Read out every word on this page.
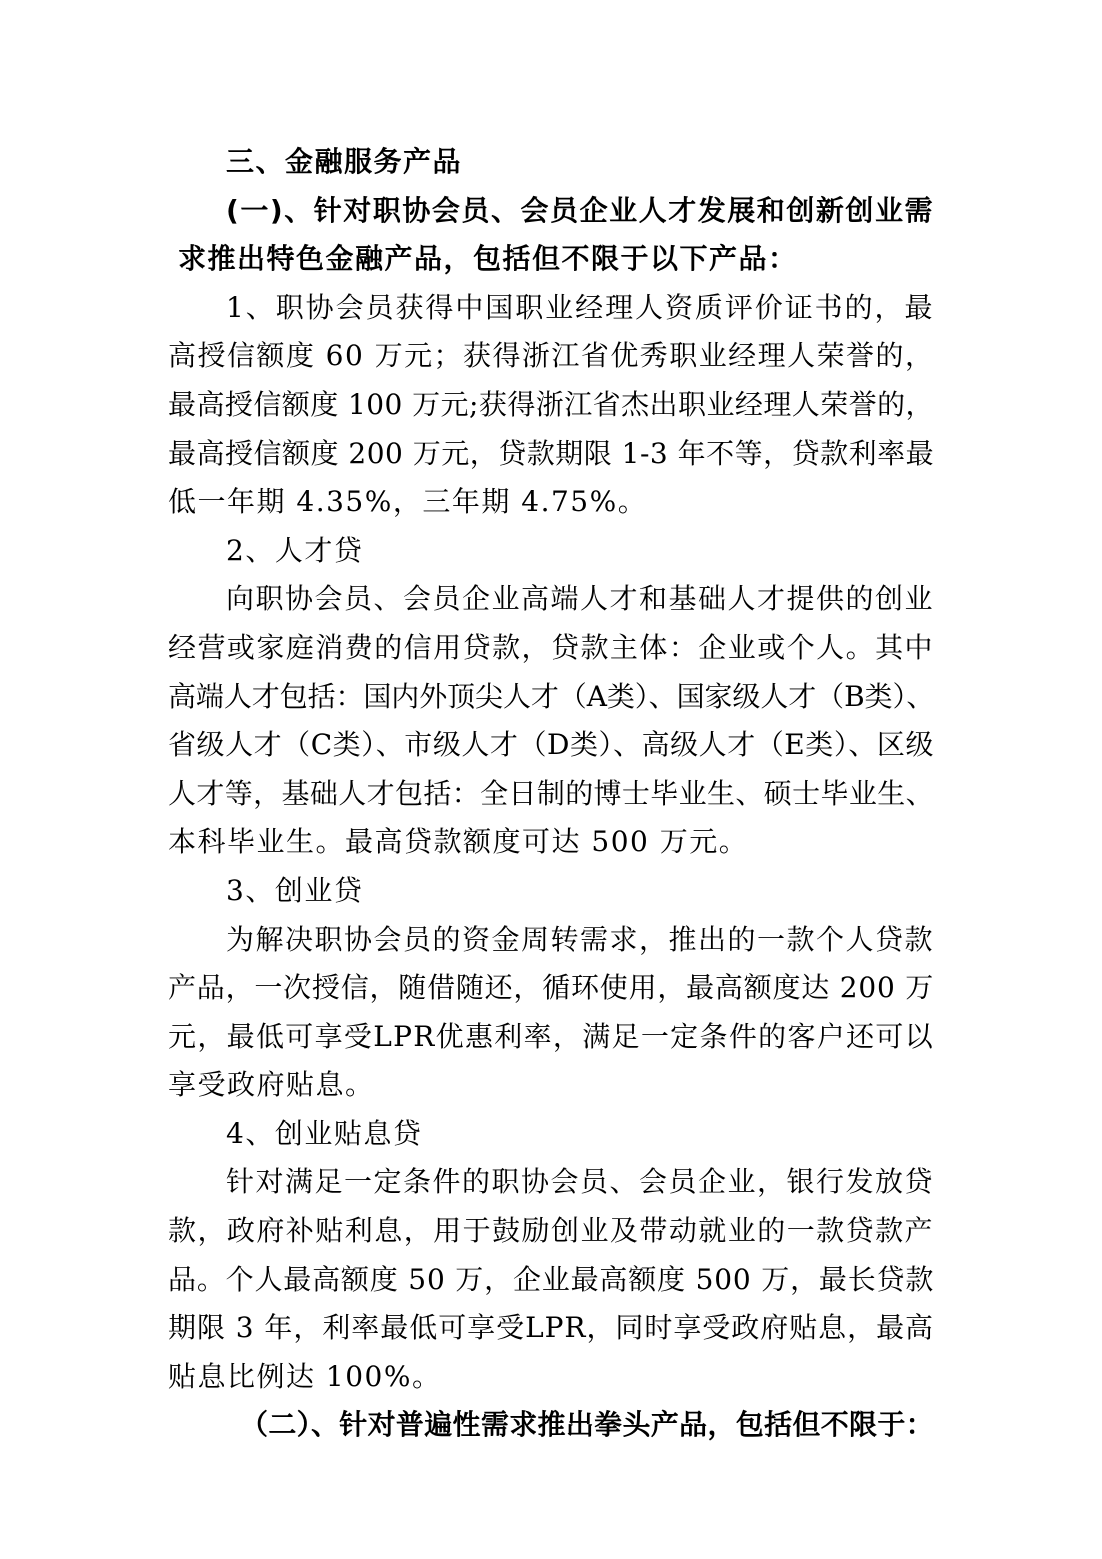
三、金融服务产品
(一)、针对职协会员、会员企业人才发展和创新创业需
求推出特色金融产品，包括但不限于以下产品：
1、职协会员获得中国职业经理人资质评价证书的，最
高授信额度 60 万元；获得浙江省优秀职业经理人荣誉的，
最高授信额度 100 万元;获得浙江省杰出职业经理人荣誉的，
最高授信额度 200 万元，贷款期限 1-3 年不等，贷款利率最
低一年期 4.35%，三年期 4.75%。
2、人才贷
向职协会员、会员企业高端人才和基础人才提供的创业
经营或家庭消费的信用贷款，贷款主体：企业或个人。其中
高端人才包括：国内外顶尖人才（A类）、国家级人才（B类）、
省级人才（C类）、市级人才（D类）、高级人才（E类）、区级
人才等，基础人才包括：全日制的博士毕业生、硕士毕业生、
本科毕业生。最高贷款额度可达 500 万元。
3、创业贷
为解决职协会员的资金周转需求，推出的一款个人贷款
产品，一次授信，随借随还，循环使用，最高额度达 200 万
元，最低可享受LPR优惠利率，满足一定条件的客户还可以
享受政府贴息。
4、创业贴息贷
针对满足一定条件的职协会员、会员企业，银行发放贷
款，政府补贴利息，用于鼓励创业及带动就业的一款贷款产
品。个人最高额度 50 万，企业最高额度 500 万，最长贷款
期限 3 年，利率最低可享受LPR，同时享受政府贴息，最高
贴息比例达 100%。
（二）、针对普遍性需求推出拳头产品，包括但不限于：
